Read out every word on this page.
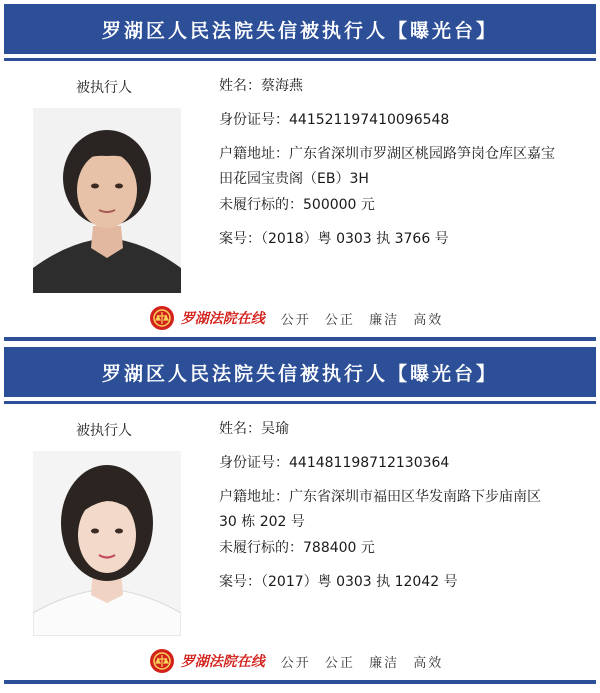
罗湖区人民法院失信被执行人【曝光台】
被执行人	姓名：蔡海燕
身份证号：441521197410096548
户籍地址：广东省深圳市罗湖区桃园路笋岗仓库区嘉宝
田花园宝贵阁（EB）3H
未履行标的：500000 元
案号：（2018）粤 0303 执 3766 号
罗湖法院在线 公开 公正 廉洁 高效
罗湖区人民法院失信被执行人【曝光台】
被执行人	姓名：吴瑜
身份证号：441481198712130364
户籍地址：广东省深圳市福田区华发南路下步庙南区
30 栋 202 号
未履行标的：788400 元
案号：（2017）粤 0303 执 12042 号
罗湖法院在线 公开 公正 廉洁 高效
